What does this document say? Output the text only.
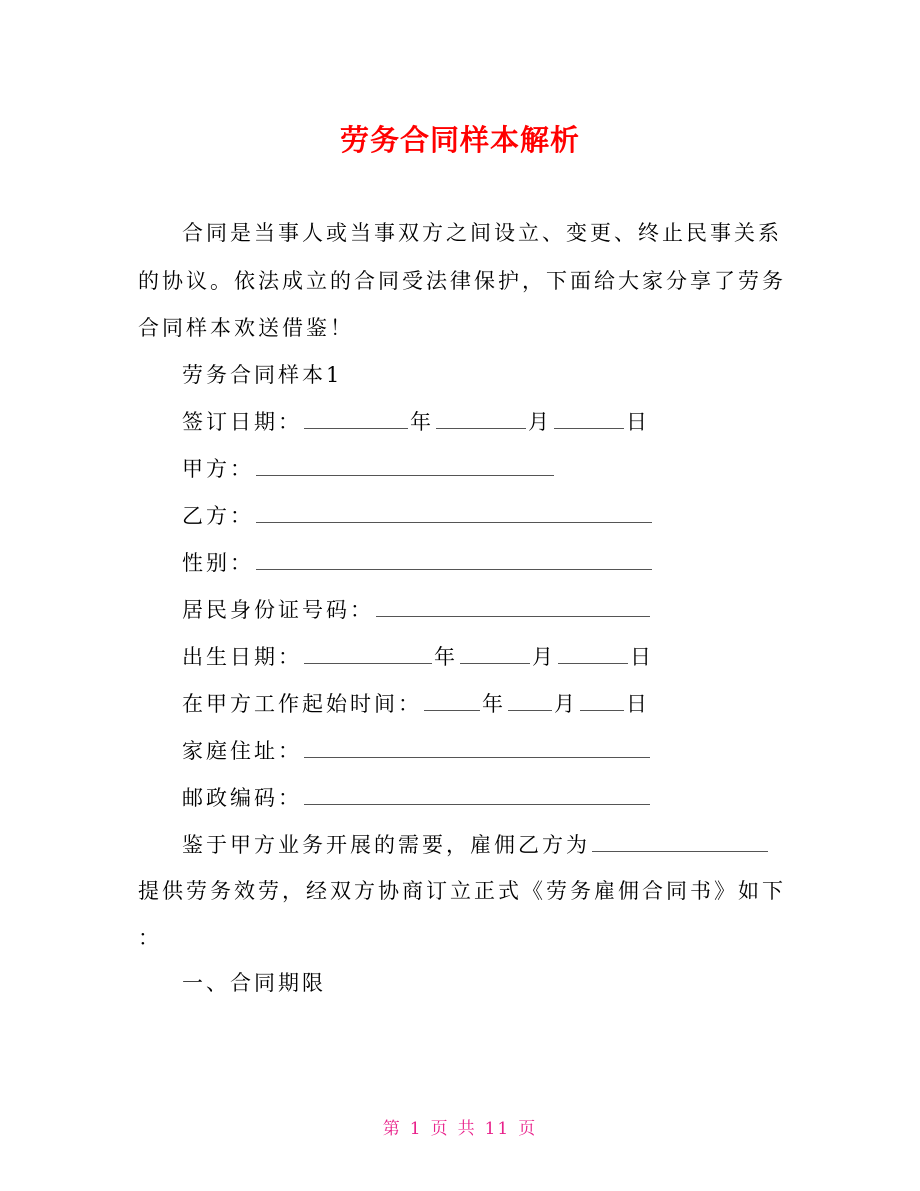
劳务合同样本解析
合同是当事人或当事双方之间设立、变更、终止民事关系
的协议。依法成立的合同受法律保护，下面给大家分享了劳务
合同样本欢送借鉴！
劳务合同样本1
签订日期：	年	月	日
甲方：
乙方：
性别：
居民身份证号码：
出生日期：	年	月	日
在甲方工作起始时间：	年 月 日
家庭住址：
邮政编码：
鉴于甲方业务开展的需要，雇佣乙方为
提供劳务效劳，经双方协商订立正式《劳务雇佣合同书》如下
：
一、合同期限
第 1 页 共 11 页
